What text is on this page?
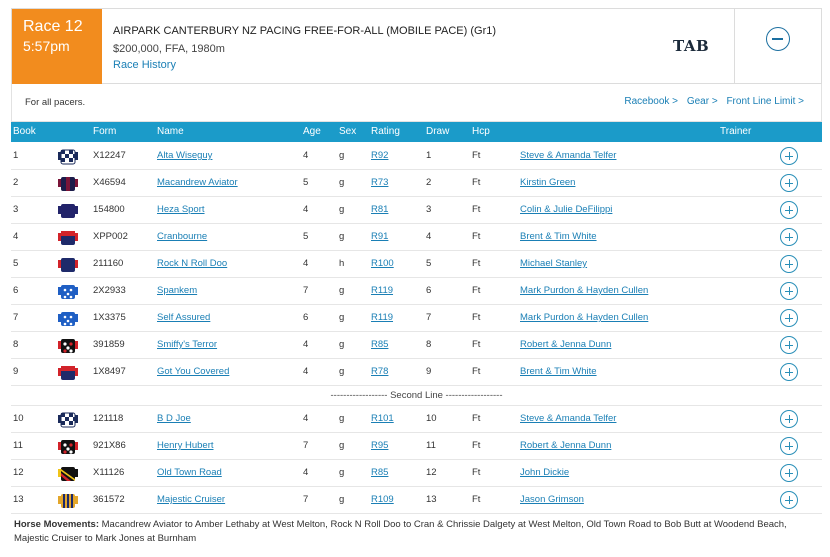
Race 12
5:57pm
AIRPARK CANTERBURY NZ PACING FREE-FOR-ALL (MOBILE PACE) (Gr1)
$200,000, FFA, 1980m
Race History
TAB
For all pacers.	Racebook > Gear > Front Line Limit >
Book	Form	Name	Age Sex Rating	Draw Hcp	Trainer
1	X12247	Alta Wiseguy	4	g	R92	1	Ft	Steve & Amanda Telfer
2	X46594	Macandrew Aviator	5	g	R73	2	Ft	Kirstin Green
3	154800	Heza Sport	4	g	R81	3	Ft	Colin & Julie DeFilippi
4	XPP002	Cranbourne	5	g	R91	4	Ft	Brent & Tim White
5	211160	Rock N Roll Doo	4	h	R100	5	Ft	Michael Stanley
6	2X2933	Spankem	7	g	R119	6	Ft	Mark Purdon & Hayden Cullen
7	1X3375	Self Assured	6	g	R119	7	Ft	Mark Purdon & Hayden Cullen
8	391859	Smiffy's Terror	4	g	R85	8	Ft	Robert & Jenna Dunn
9	1X8497	Got You Covered	4	g	R78	9	Ft	Brent & Tim White
------------------ Second Line ------------------
10	121118	B D Joe	4	g	R101	10	Ft	Steve & Amanda Telfer
11	921X86	Henry Hubert	7	g	R95	11	Ft	Robert & Jenna Dunn
12	X11126	Old Town Road	4	g	R85	12	Ft	John Dickie
13	361572	Majestic Cruiser	7	g	R109	13	Ft	Jason Grimson
Horse Movements: Macandrew Aviator to Amber Lethaby at West Melton, Rock N Roll Doo to Cran & Chrissie Dalgety at West Melton, Old Town Road to Bob Butt at Woodend Beach, Majestic Cruiser to Mark Jones at Burnham
